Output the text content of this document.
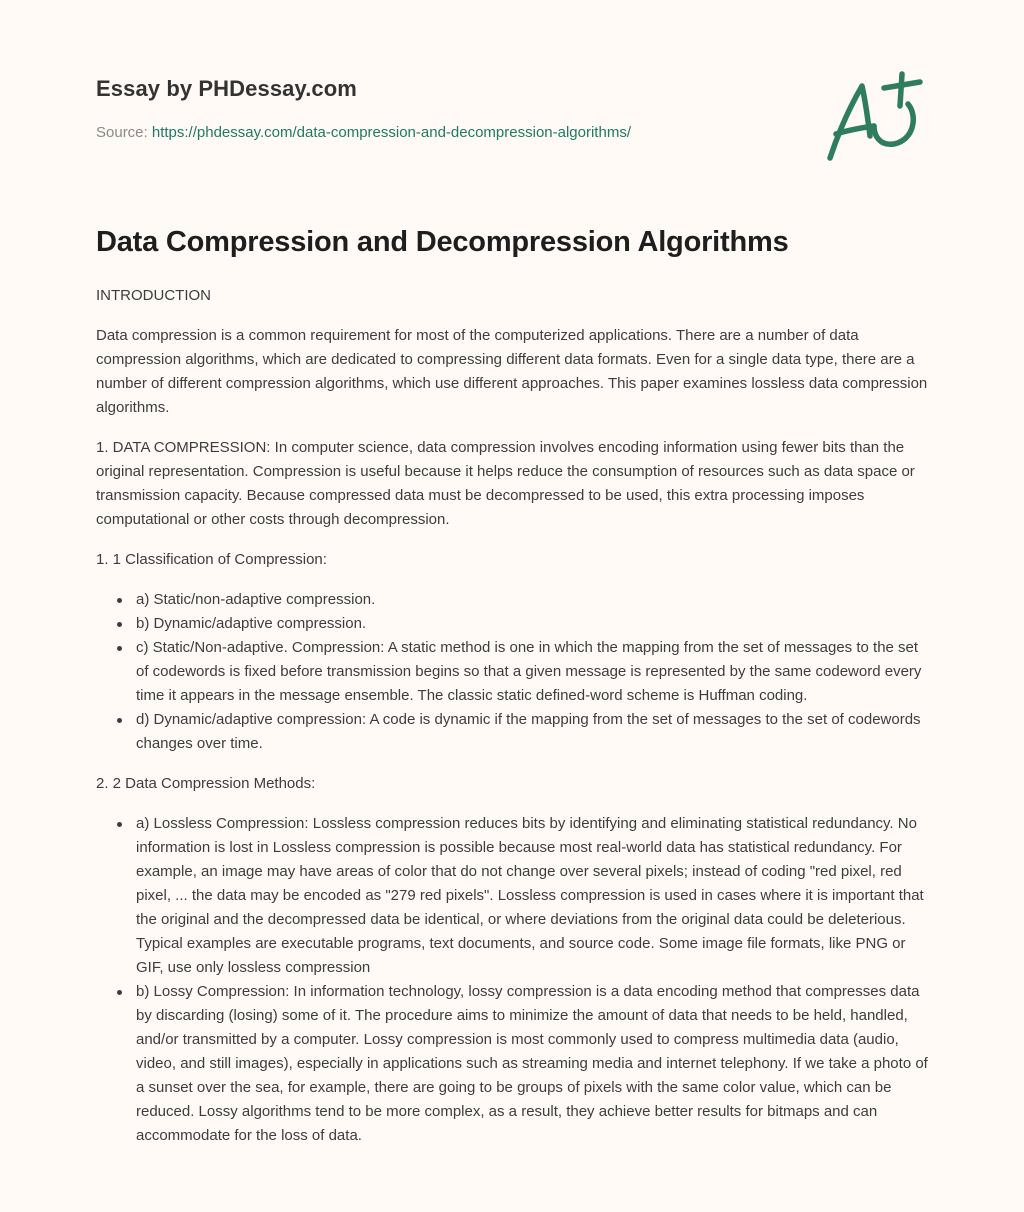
Essay by PHDessay.com
Source: https://phdessay.com/data-compression-and-decompression-algorithms/
Data Compression and Decompression Algorithms

INTRODUCTION

Data compression is a common requirement for most of the computerized applications. There are a number of data compression algorithms, which are dedicated to compressing different data formats. Even for a single data type, there are a number of different compression algorithms, which use different approaches. This paper examines lossless data compression algorithms.

1. DATA COMPRESSION: In computer science, data compression involves encoding information using fewer bits than the original representation. Compression is useful because it helps reduce the consumption of resources such as data space or transmission capacity. Because compressed data must be decompressed to be used, this extra processing imposes computational or other costs through decompression.

1. 1 Classification of Compression:

a) Static/non-adaptive compression.
b) Dynamic/adaptive compression.
c) Static/Non-adaptive. Compression: A static method is one in which the mapping from the set of messages to the set of codewords is fixed before transmission begins so that a given message is represented by the same codeword every time it appears in the message ensemble. The classic static defined-word scheme is Huffman coding.
d) Dynamic/adaptive compression: A code is dynamic if the mapping from the set of messages to the set of codewords changes over time.

2. 2 Data Compression Methods:

a) Lossless Compression: Lossless compression reduces bits by identifying and eliminating statistical redundancy. No information is lost in Lossless compression is possible because most real-world data has statistical redundancy. For example, an image may have areas of color that do not change over several pixels; instead of coding "red pixel, red pixel, ... the data may be encoded as "279 red pixels". Lossless compression is used in cases where it is important that the original and the decompressed data be identical, or where deviations from the original data could be deleterious. Typical examples are executable programs, text documents, and source code. Some image file formats, like PNG or GIF, use only lossless compression
b) Lossy Compression: In information technology, lossy compression is a data encoding method that compresses data by discarding (losing) some of it. The procedure aims to minimize the amount of data that needs to be held, handled, and/or transmitted by a computer. Lossy compression is most commonly used to compress multimedia data (audio, video, and still images), especially in applications such as streaming media and internet telephony. If we take a photo of a sunset over the sea, for example, there are going to be groups of pixels with the same color value, which can be reduced. Lossy algorithms tend to be more complex, as a result, they achieve better results for bitmaps and can accommodate for the loss of data.
